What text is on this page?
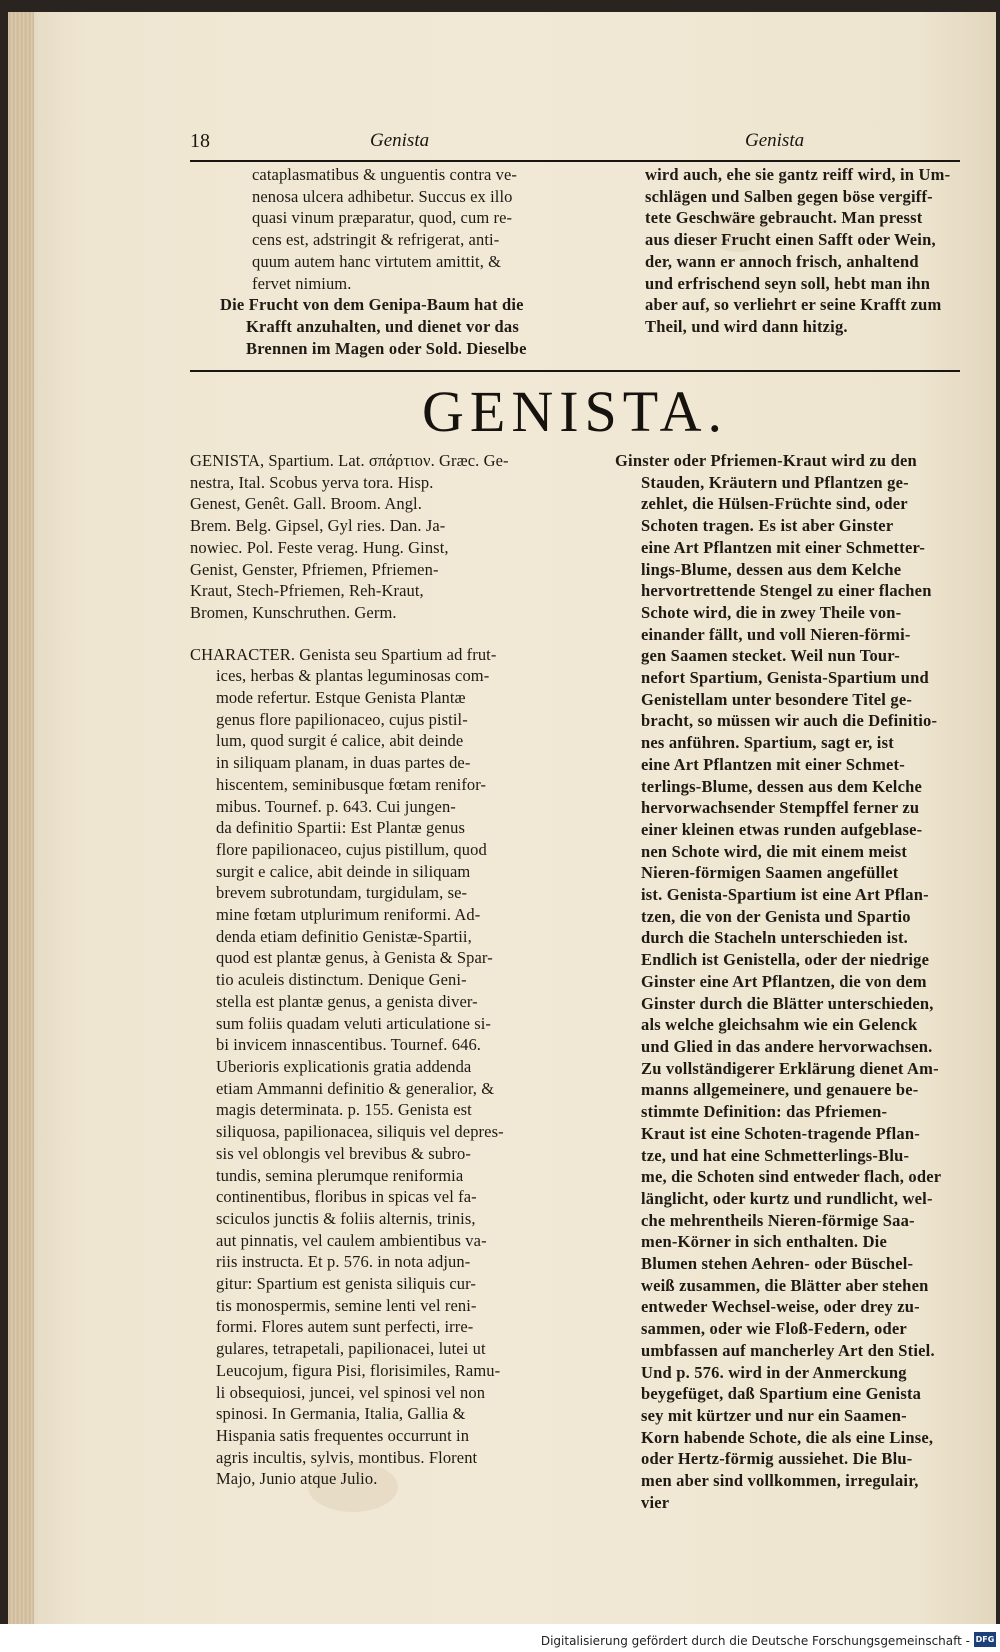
18	Genista	Genista
cataplasmatibus & unguentis contra ve-
nenosa ulcera adhibetur. Succus ex illo
quasi vinum præparatur, quod, cum re-
cens est, adstringit & refrigerat, anti-
quum autem hanc virtutem amittit, &
fervet nimium.
Die Frucht von dem Genipa-Baum hat die
Krafft anzuhalten, und dienet vor das
Brennen im Magen oder Sold. Dieselbe
wird auch, ehe sie gantz reiff wird, in Um-
schlägen und Salben gegen böse vergiff-
tete Geschwäre gebraucht. Man presst
aus dieser Frucht einen Safft oder Wein,
der, wann er annoch frisch, anhaltend
und erfrischend seyn soll, hebt man ihn
aber auf, so verliehrt er seine Krafft zum
Theil, und wird dann hitzig.
GENISTA.
GENISTA, Spartium. Lat. σπάρτιον. Græc. Ge-
nestra, Ital. Scobus yerva tora. Hisp.
Genest, Genêt. Gall. Broom. Angl.
Brem. Belg. Gipsel, Gyl ries. Dan. Ja-
nowiec. Pol. Feste verag. Hung. Ginst,
Genist, Genster, Pfriemen, Pfriemen-
Kraut, Stech-Pfriemen, Reh-Kraut,
Bromen, Kunschruthen. Germ.
CHARACTER. Genista seu Spartium ad frut-
ices, herbas & plantas leguminosas com-
mode refertur. Estque Genista Plantæ
genus flore papilionaceo, cujus pistil-
lum, quod surgit é calice, abit deinde
in siliquam planam, in duas partes de-
hiscentem, seminibusque fœtam renifor-
mibus. Tournef. p. 643. Cui jungen-
da definitio Spartii: Est Plantæ genus
flore papilionaceo, cujus pistillum, quod
surgit e calice, abit deinde in siliquam
brevem subrotundam, turgidulam, se-
mine fœtam utplurimum reniformi. Ad-
denda etiam definitio Genistæ-Spartii,
quod est plantæ genus, à Genista & Spar-
tio aculeis distinctum. Denique Geni-
stella est plantæ genus, a genista diver-
sum foliis quadam veluti articulatione si-
bi invicem innascentibus. Tournef. 646.
Uberioris explicationis gratia addenda
etiam Ammanni definitio & generalior, &
magis determinata. p. 155. Genista est
siliquosa, papilionacea, siliquis vel depres-
sis vel oblongis vel brevibus & subro-
tundis, semina plerumque reniformia
continentibus, floribus in spicas vel fa-
sciculos junctis & foliis alternis, trinis,
aut pinnatis, vel caulem ambientibus va-
riis instructa. Et p. 576. in nota adjun-
gitur: Spartium est genista siliquis cur-
tis monospermis, semine lenti vel reni-
formi. Flores autem sunt perfecti, irre-
gulares, tetrapetali, papilionacei, lutei ut
Leucojum, figura Pisi, florisimiles, Ramu-
li obsequiosi, juncei, vel spinosi vel non
spinosi. In Germania, Italia, Gallia &
Hispania satis frequentes occurrunt in
agris incultis, sylvis, montibus. Florent
Majo, Junio atque Julio.
Ginster oder Pfriemen-Kraut wird zu den
Stauden, Kräutern und Pflantzen ge-
zehlet, die Hülsen-Früchte sind, oder
Schoten tragen. Es ist aber Ginster
eine Art Pflantzen mit einer Schmetter-
lings-Blume, dessen aus dem Kelche
hervortrettende Stengel zu einer flachen
Schote wird, die in zwey Theile von-
einander fällt, und voll Nieren-förmi-
gen Saamen stecket. Weil nun Tour-
nefort Spartium, Genista-Spartium und
Genistellam unter besondere Titel ge-
bracht, so müssen wir auch die Definitio-
nes anführen. Spartium, sagt er, ist
eine Art Pflantzen mit einer Schmet-
terlings-Blume, dessen aus dem Kelche
hervorwachsender Stempffel ferner zu
einer kleinen etwas runden aufgeblase-
nen Schote wird, die mit einem meist
Nieren-förmigen Saamen angefüllet
ist. Genista-Spartium ist eine Art Pflan-
tzen, die von der Genista und Spartio
durch die Stacheln unterschieden ist.
Endlich ist Genistella, oder der niedrige
Ginster eine Art Pflantzen, die von dem
Ginster durch die Blätter unterschieden,
als welche gleichsahm wie ein Gelenck
und Glied in das andere hervorwachsen.
Zu vollständigerer Erklärung dienet Am-
manns allgemeinere, und genauere be-
stimmte Definition: das Pfriemen-
Kraut ist eine Schoten-tragende Pflan-
tze, und hat eine Schmetterlings-Blu-
me, die Schoten sind entweder flach, oder
länglicht, oder kurtz und rundlicht, wel-
che mehrentheils Nieren-förmige Saa-
men-Körner in sich enthalten. Die
Blumen stehen Aehren- oder Büschel-
weiß zusammen, die Blätter aber stehen
entweder Wechsel-weise, oder drey zu-
sammen, oder wie Floß-Federn, oder
umbfassen auf mancherley Art den Stiel.
Und p. 576. wird in der Anmerckung
beygefüget, daß Spartium eine Genista
sey mit kürtzer und nur ein Saamen-
Korn habende Schote, die als eine Linse,
oder Hertz-förmig aussiehet. Die Blu-
men aber sind vollkommen, irregulair,
vier
Digitalisierung gefördert durch die Deutsche Forschungsgemeinschaft - DFG
